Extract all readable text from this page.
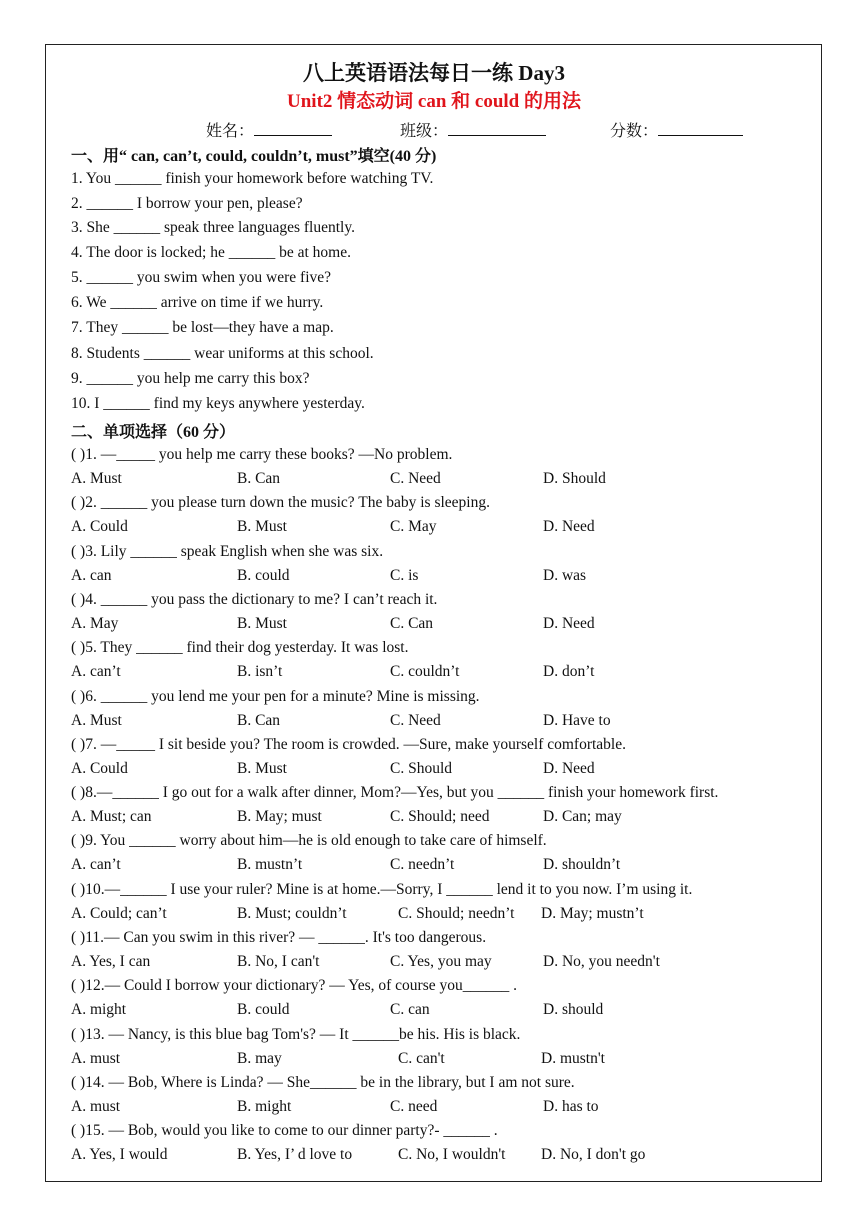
八上英语语法每日一练 Day3
Unit2 情态动词 can 和 could 的用法
姓名：	班级：	分数：
一、用“ can, can’t, could, couldn’t, must”填空(40 分)
1. You ______ finish your homework before watching TV.
2. ______ I borrow your pen, please?
3. She ______ speak three languages fluently.
4. The door is locked; he ______ be at home.
5. ______ you swim when you were five?
6. We ______ arrive on time if we hurry.
7. They ______ be lost—they have a map.
8. Students ______ wear uniforms at this school.
9. ______ you help me carry this box?
10. I ______ find my keys anywhere yesterday.
二、单项选择（60 分）
( )1. —_____ you help me carry these books? —No problem.
A. Must	B. Can	C. Need	D. Should
( )2. ______ you please turn down the music? The baby is sleeping.
A. Could	B. Must	C. May	D. Need
( )3. Lily ______ speak English when she was six.
A. can	B. could	C. is	D. was
( )4. ______ you pass the dictionary to me? I can’t reach it.
A. May	B. Must	C. Can	D. Need
( )5. They ______ find their dog yesterday. It was lost.
A. can’t	B. isn’t	C. couldn’t	D. don’t
( )6. ______ you lend me your pen for a minute? Mine is missing.
A. Must	B. Can	C. Need	D. Have to
( )7. —_____ I sit beside you? The room is crowded. —Sure, make yourself comfortable.
A. Could	B. Must	C. Should	D. Need
( )8.—______ I go out for a walk after dinner, Mom?—Yes, but you ______ finish your homework first.
A. Must; can	B. May; must	C. Should; need	D. Can; may
( )9. You ______ worry about him—he is old enough to take care of himself.
A. can’t	B. mustn’t	C. needn’t	D. shouldn’t
( )10.—______ I use your ruler? Mine is at home.—Sorry, I ______ lend it to you now. I’m using it.
A. Could; can’t	B. Must; couldn’t	C. Should; needn’t D. May; mustn’t
( )11.— Can you swim in this river? — ______. It's too dangerous.
A. Yes, I can	B. No, I can't	C. Yes, you may	D. No, you needn't
( )12.— Could I borrow your dictionary? — Yes, of course you______ .
A. might	B. could	C. can	D. should
( )13. — Nancy, is this blue bag Tom's? — It ______be his. His is black.
A. must	B. may	C. can't	D. mustn't
( )14. — Bob, Where is Linda? — She______ be in the library, but I am not sure.
A. must	B. might	C. need	D. has to
( )15. — Bob, would you like to come to our dinner party?- ______ .
A. Yes, I would	B. Yes, I’ d love to	C. No, I wouldn't D. No, I don't go
